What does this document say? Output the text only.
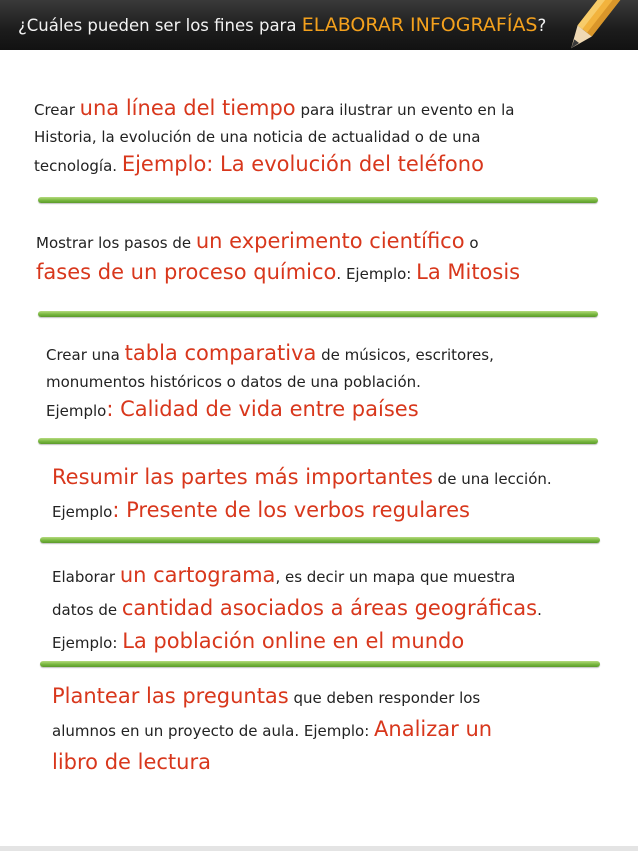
¿Cuáles pueden ser los fines para ELABORAR INFOGRAFÍAS?
Crear una línea del tiempo para ilustrar un evento en la
Historia, la evolución de una noticia de actualidad o de una
tecnología. Ejemplo: La evolución del teléfono
Mostrar los pasos de un experimento científico o
fases de un proceso químico. Ejemplo: La Mitosis
Crear una tabla comparativa de músicos, escritores,
monumentos históricos o datos de una población.
Ejemplo: Calidad de vida entre países
Resumir las partes más importantes de una lección.
Ejemplo: Presente de los verbos regulares
Elaborar un cartograma, es decir un mapa que muestra
datos de cantidad asociados a áreas geográficas.
Ejemplo: La población online en el mundo
Plantear las preguntas que deben responder los
alumnos en un proyecto de aula. Ejemplo: Analizar un
libro de lectura
